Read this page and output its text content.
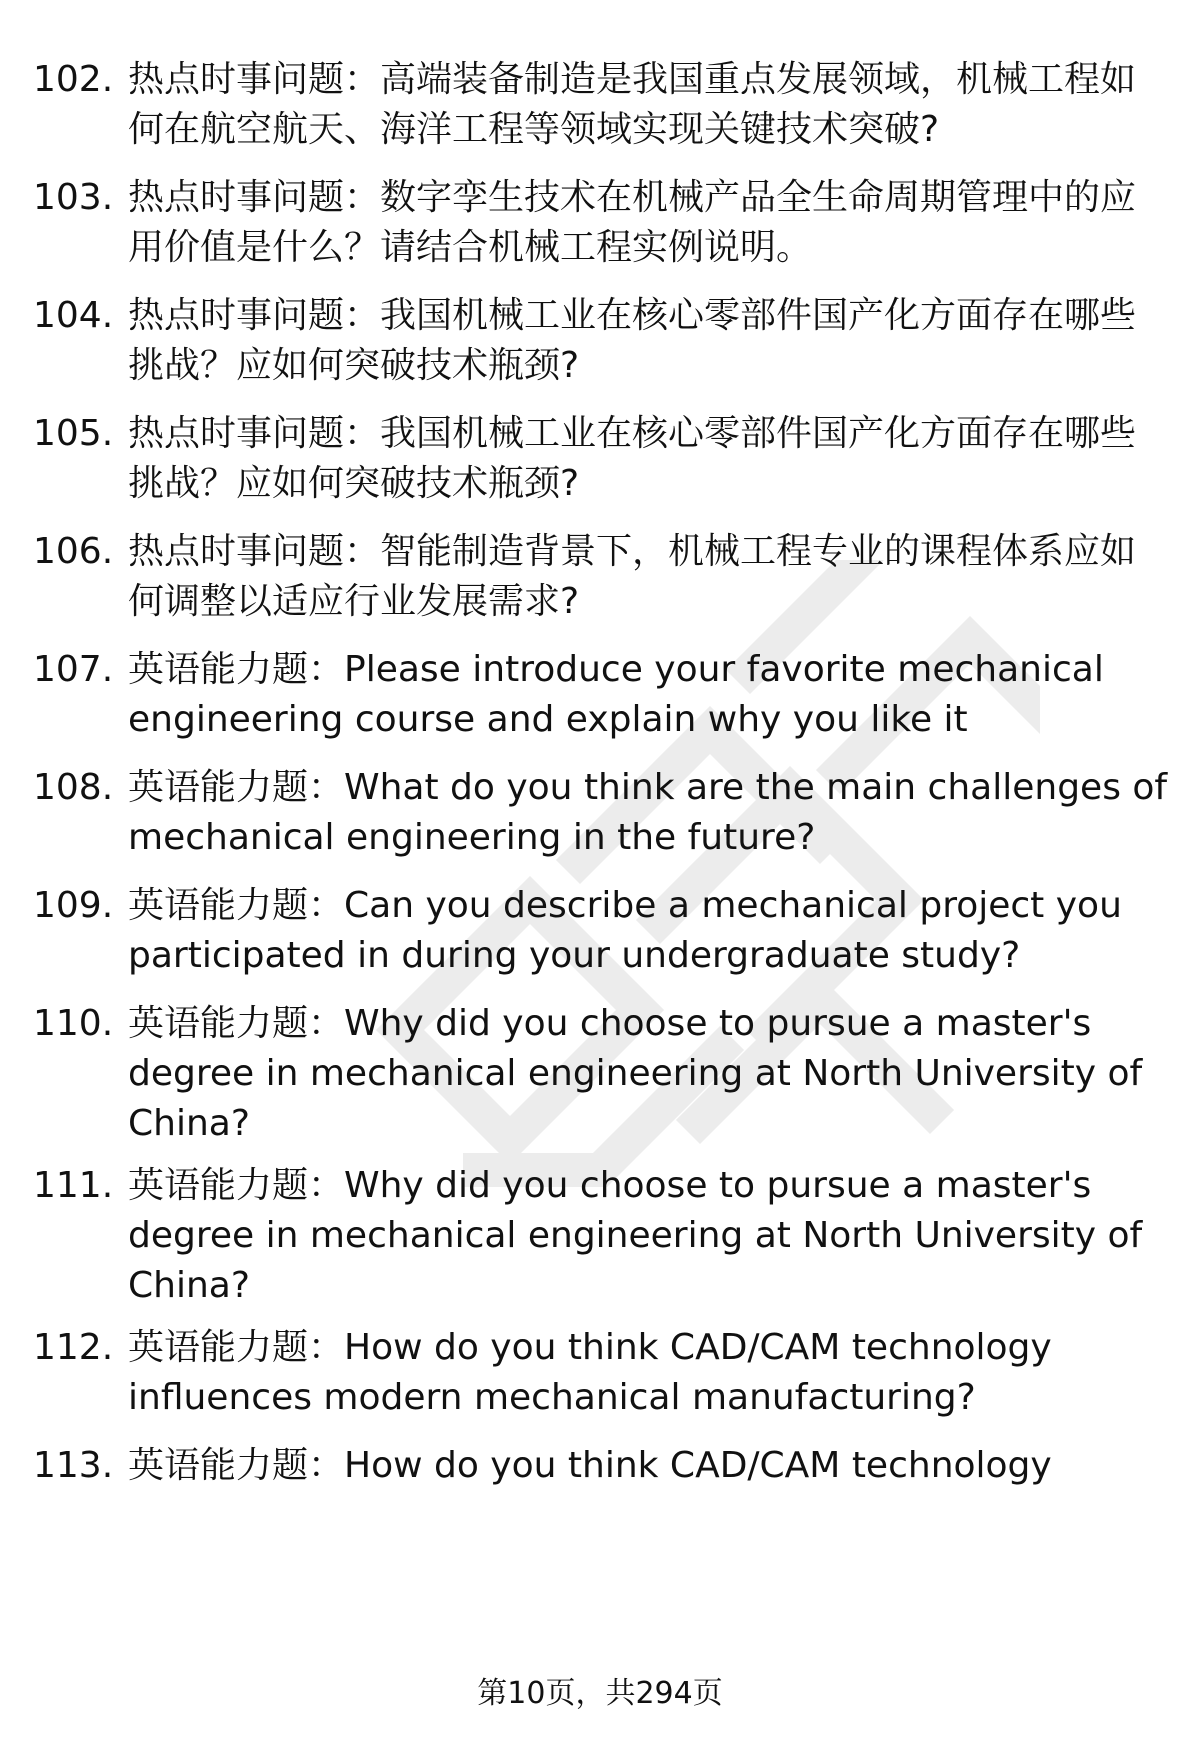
102. 热点时事问题：高端装备制造是我国重点发展领域，机械工程如
何在航空航天、海洋工程等领域实现关键技术突破?
103. 热点时事问题：数字孪生技术在机械产品全生命周期管理中的应
用价值是什么？请结合机械工程实例说明。
104. 热点时事问题：我国机械工业在核心零部件国产化方面存在哪些
挑战？应如何突破技术瓶颈?
105. 热点时事问题：我国机械工业在核心零部件国产化方面存在哪些
挑战？应如何突破技术瓶颈?
106. 热点时事问题：智能制造背景下，机械工程专业的课程体系应如
何调整以适应行业发展需求?
107. 英语能力题：Please introduce your favorite mechanical
engineering course and explain why you like it
108. 英语能力题：What do you think are the main challenges of
mechanical engineering in the future?
109. 英语能力题：Can you describe a mechanical project you
participated in during your undergraduate study?
110. 英语能力题：Why did you choose to pursue a master's
degree in mechanical engineering at North University of
China?
111. 英语能力题：Why did you choose to pursue a master's
degree in mechanical engineering at North University of
China?
112. 英语能力题：How do you think CAD/CAM technology
influences modern mechanical manufacturing?
113. 英语能力题：How do you think CAD/CAM technology
第10页，共294页
